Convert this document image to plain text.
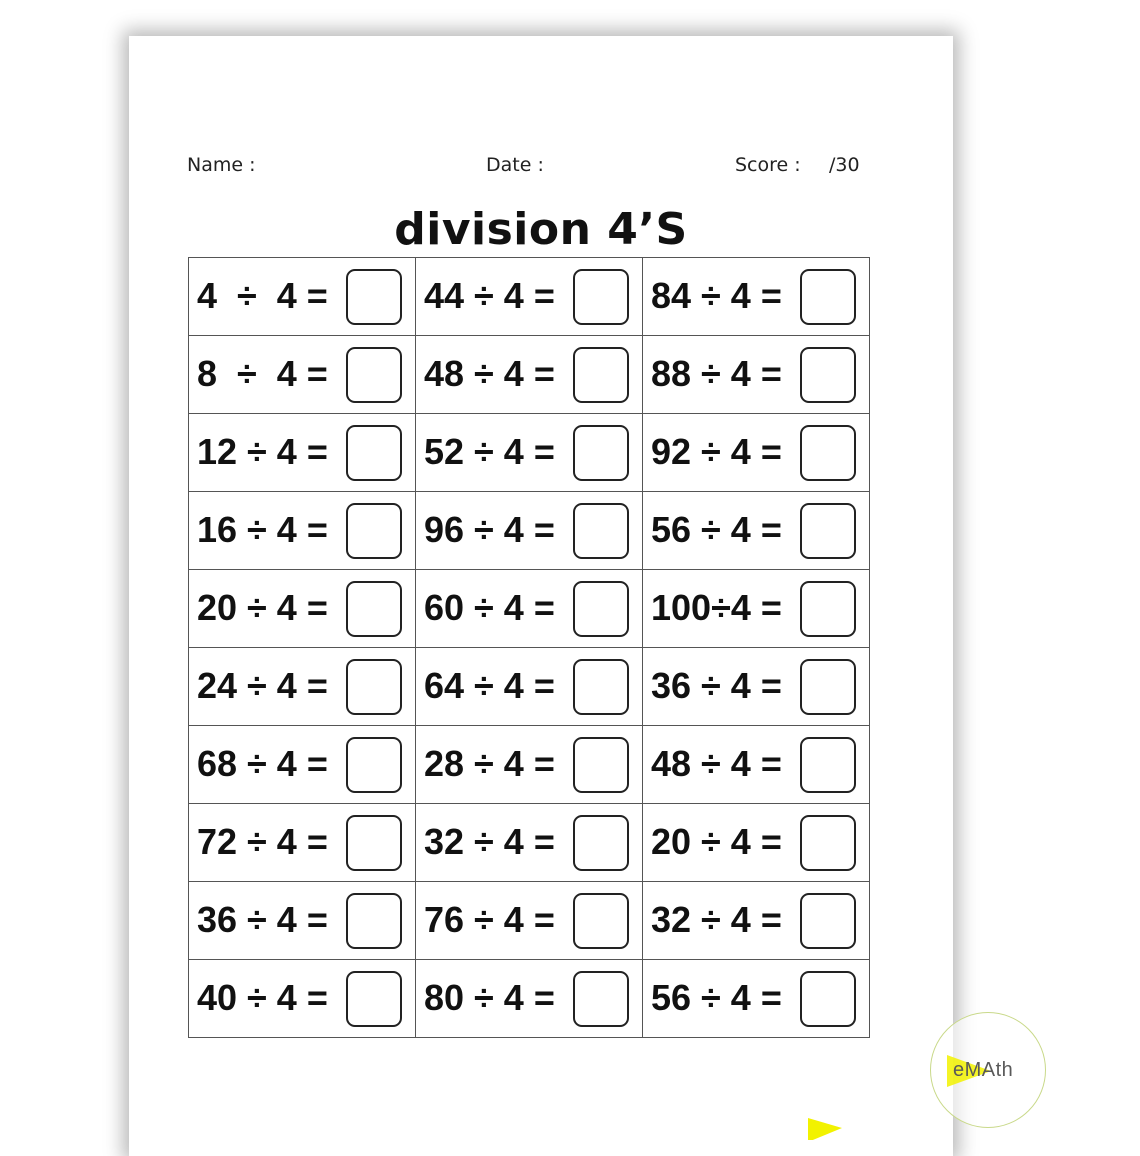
Name :	Date :	Score : /30
division 4’S
4  ÷  4 =	44 ÷ 4 =	84 ÷ 4 =

8  ÷  4 =	48 ÷ 4 =	88 ÷ 4 =

12 ÷ 4 =	52 ÷ 4 =	92 ÷ 4 =

16 ÷ 4 =	96 ÷ 4 =	56 ÷ 4 =

20 ÷ 4 =	60 ÷ 4 =	100÷4 =

24 ÷ 4 =	64 ÷ 4 =	36 ÷ 4 =

68 ÷ 4 =	28 ÷ 4 =	48 ÷ 4 =

72 ÷ 4 =	32 ÷ 4 =	20 ÷ 4 =

36 ÷ 4 =	76 ÷ 4 =	32 ÷ 4 =

40 ÷ 4 =	80 ÷ 4 =	56 ÷ 4 =
eMAth
